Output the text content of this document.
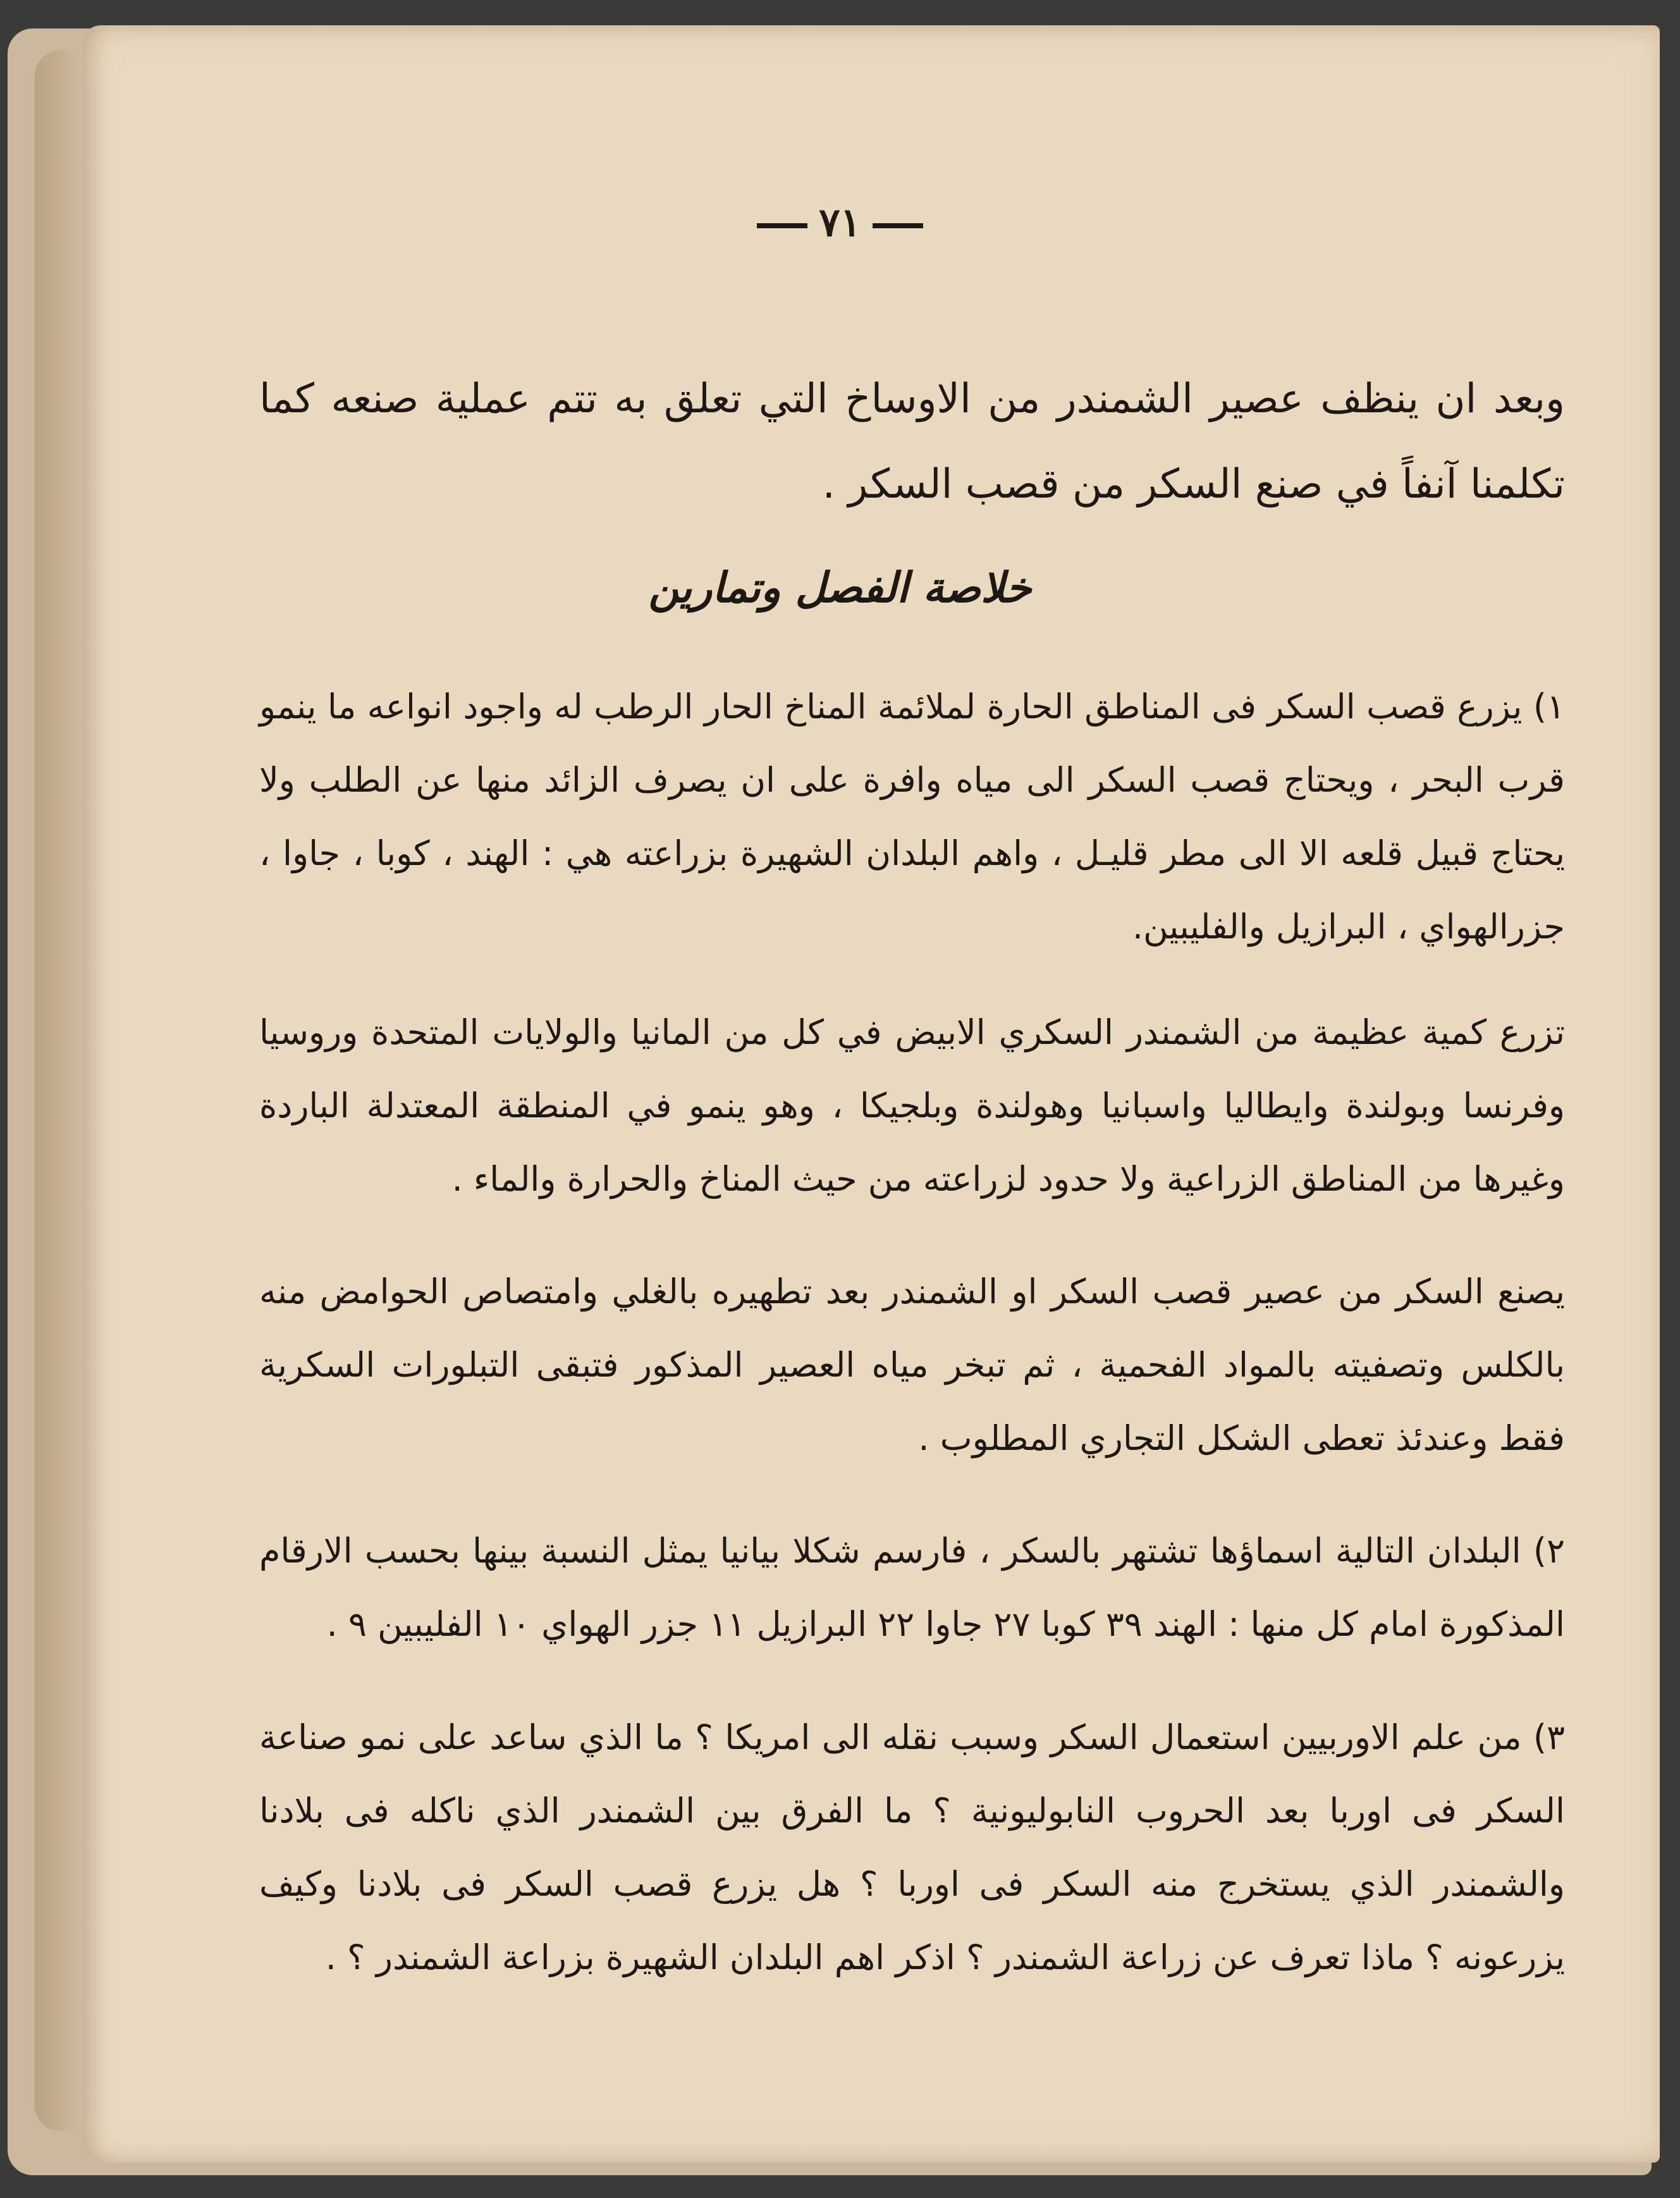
٧١

وبعد ان ينظف عصير الشمندر من الاوساخ التي تعلق به تتم عملية صنعه كما تكلمنا آنفاً في صنع السكر من قصب السكر .

خلاصة الفصل وتمارين

١) يزرع قصب السكر فى المناطق الحارة لملائمة المناخ الحار الرطب له واجود انواعه ما ينمو قرب البحر ، ويحتاج قصب السكر الى مياه وافرة على ان يصرف الزائد منها عن الطلب ولا يحتاج قبيل قلعه الا الى مطر قليـل ، واهم البلدان الشهيرة بزراعته هي : الهند ، كوبا ، جاوا ، جزرالهواي ، البرازيل والفليبين.

تزرع كمية عظيمة من الشمندر السكري الابيض في كل من المانيا والولايات المتحدة وروسيا وفرنسا وبولندة وايطاليا واسبانيا وهولندة وبلجيكا ، وهو ينمو في المنطقة المعتدلة الباردة وغيرها من المناطق الزراعية ولا حدود لزراعته من حيث المناخ والحرارة والماء .

يصنع السكر من عصير قصب السكر او الشمندر بعد تطهيره بالغلي وامتصاص الحوامض منه بالكلس وتصفيته بالمواد الفحمية ، ثم تبخر مياه العصير المذكور فتبقى التبلورات السكرية فقط وعندئذ تعطى الشكل التجاري المطلوب .

٢) البلدان التالية اسماؤها تشتهر بالسكر ، فارسم شكلا بيانيا يمثل النسبة بينها بحسب الارقام المذكورة امام كل منها : الهند ٣٩ كوبا ٢٧ جاوا ٢٢ البرازيل ١١ جزر الهواي ١٠ الفليبين ٩ .

٣) من علم الاوربيين استعمال السكر وسبب نقله الى امريكا ؟ ما الذي ساعد على نمو صناعة السكر فى اوربا بعد الحروب النابوليونية ؟ ما الفرق بين الشمندر الذي ناكله فى بلادنا والشمندر الذي يستخرج منه السكر فى اوربا ؟ هل يزرع قصب السكر فى بلادنا وكيف يزرعونه ؟ ماذا تعرف عن زراعة الشمندر ؟ اذكر اهم البلدان الشهيرة بزراعة الشمندر ؟ .
